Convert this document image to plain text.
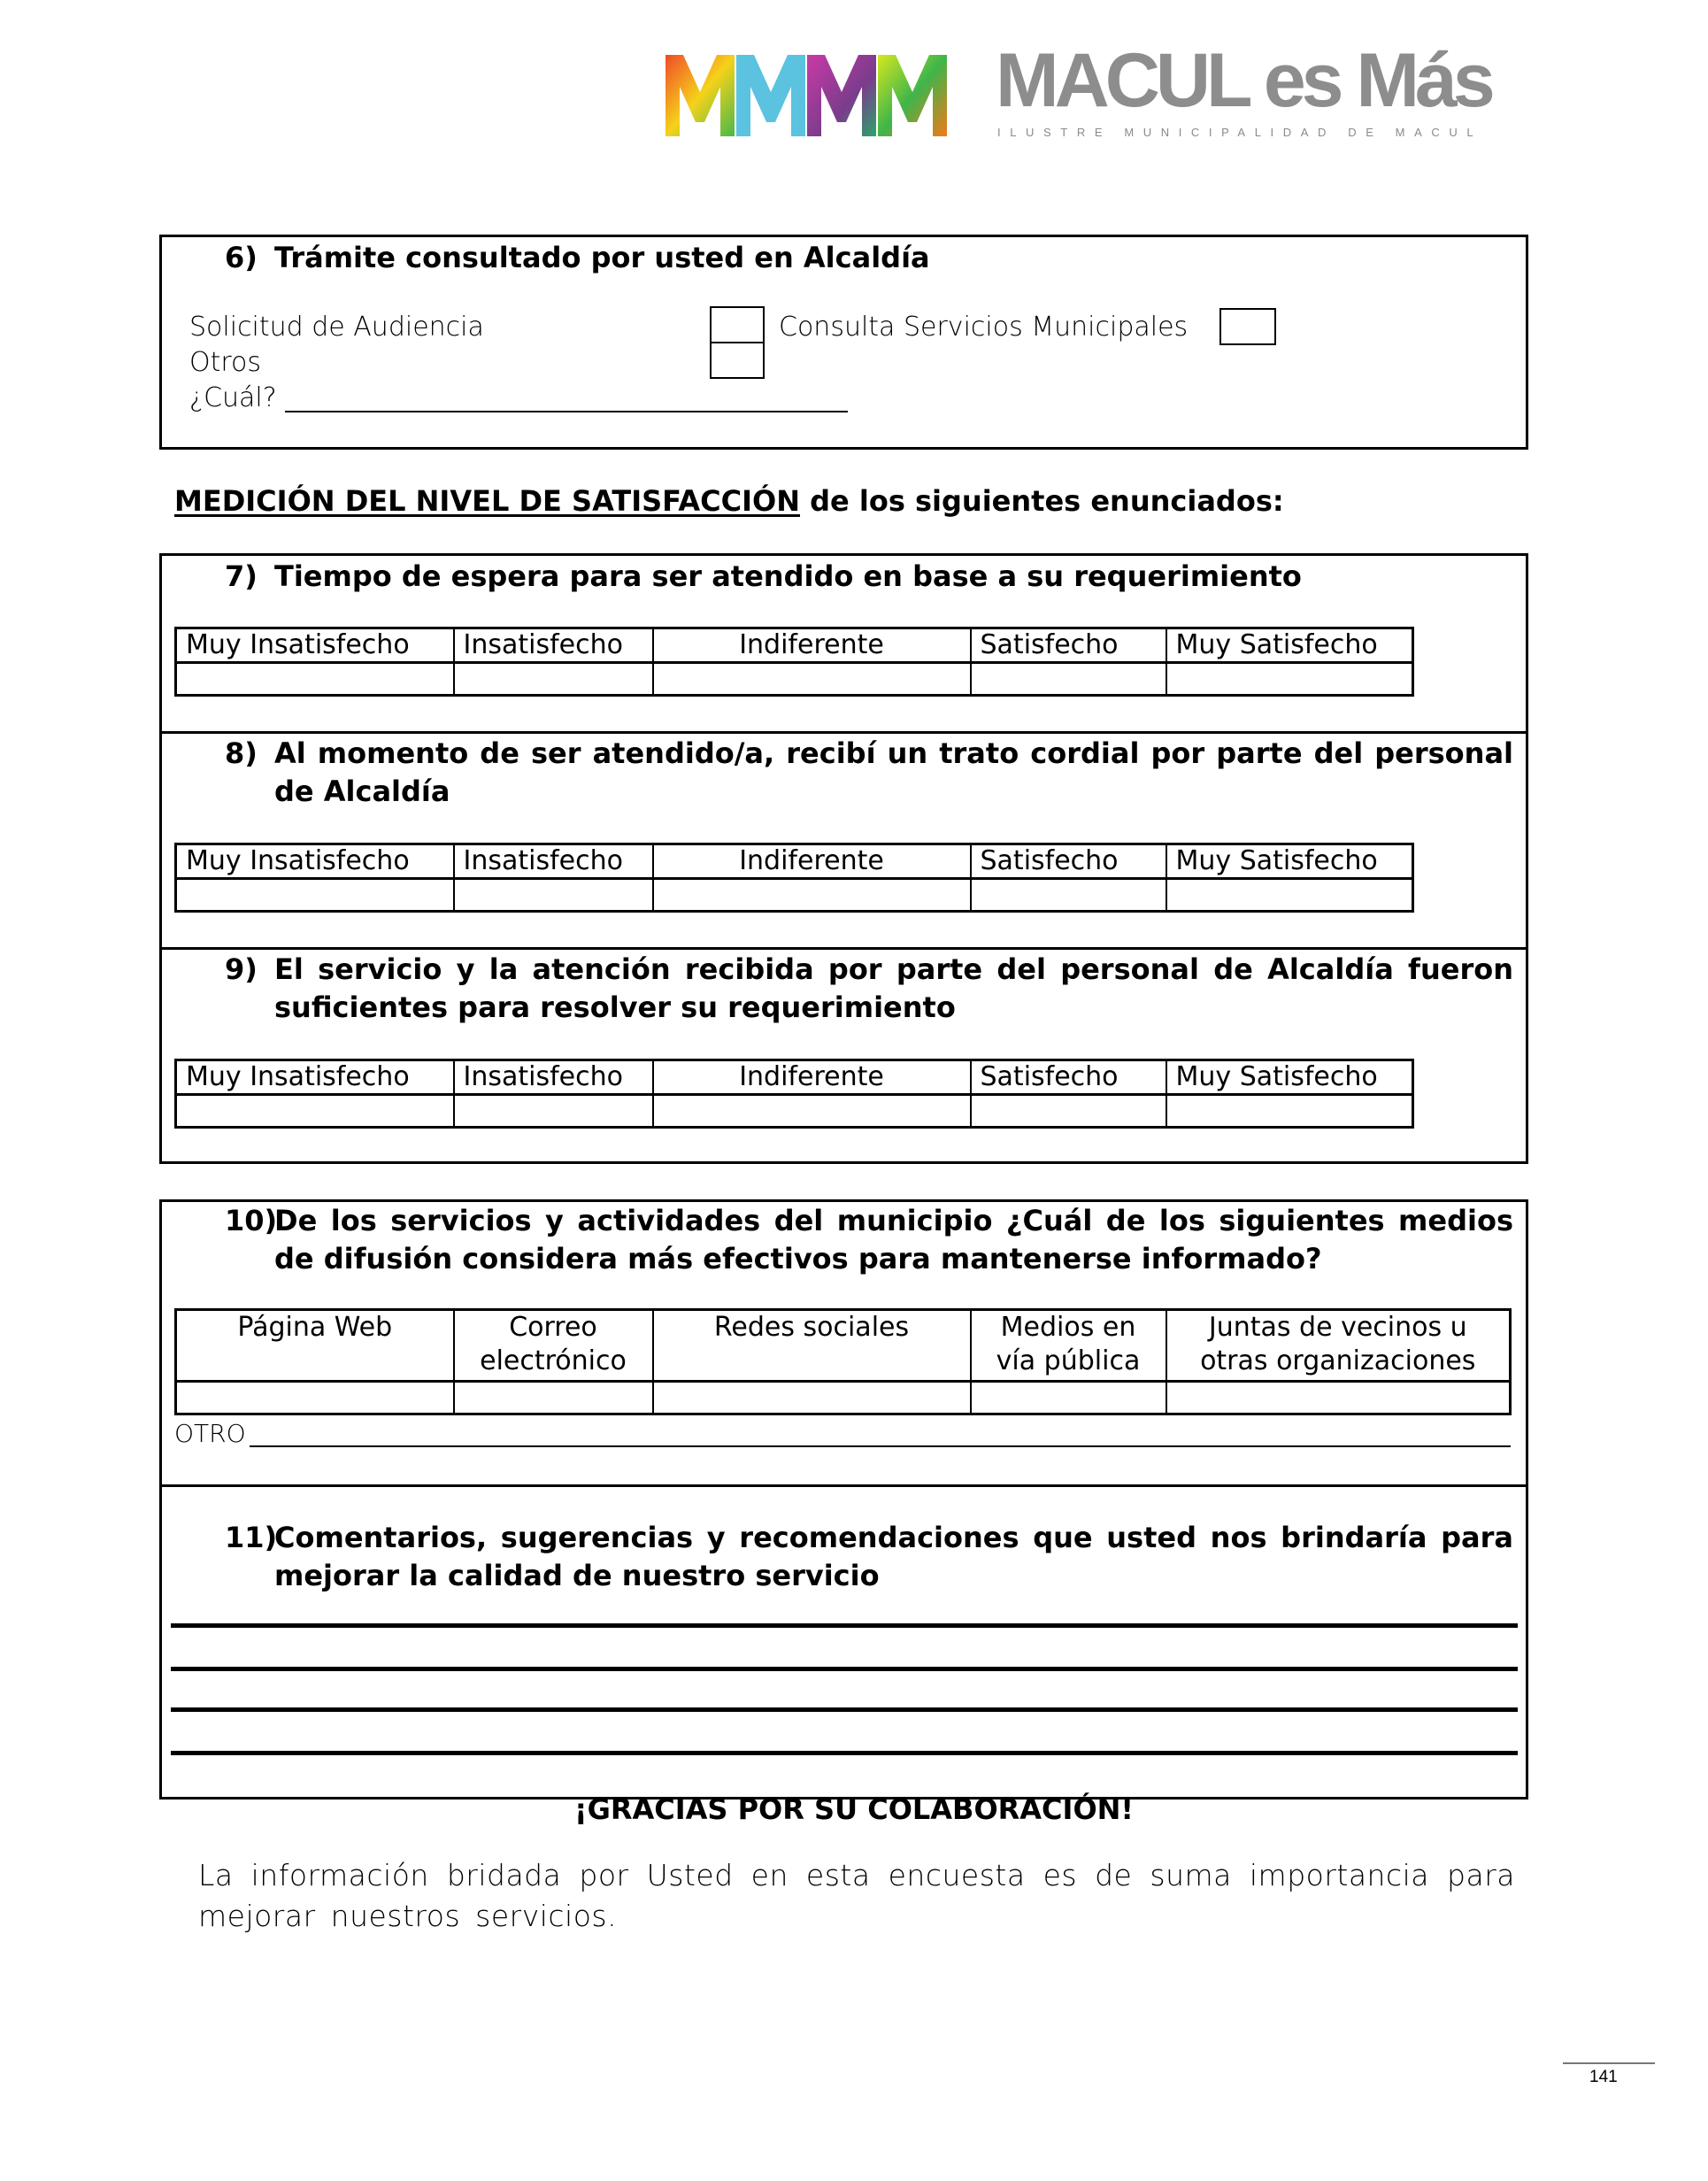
MACUL es Más
ILUSTRE MUNICIPALIDAD DE MACUL
6) Trámite consultado por usted en Alcaldía
Solicitud de Audiencia	Consulta Servicios Municipales
Otros
¿Cuál?
MEDICIÓN DEL NIVEL DE SATISFACCIÓN de los siguientes enunciados:
7) Tiempo de espera para ser atendido en base a su requerimiento
Muy Insatisfecho	Insatisfecho	Indiferente	Satisfecho	Muy Satisfecho

8) Al momento de ser atendido/a, recibí un trato cordial por parte del personal de Alcaldía
Muy Insatisfecho	Insatisfecho	Indiferente	Satisfecho	Muy Satisfecho

9) El servicio y la atención recibida por parte del personal de Alcaldía fueron suficientes para resolver su requerimiento
Muy Insatisfecho	Insatisfecho	Indiferente	Satisfecho	Muy Satisfecho

10)
De los servicios y actividades del municipio ¿Cuál de los siguientes medios de difusión considera más efectivos para mantenerse informado?
Página Web	Correo electrónico	Redes sociales	Medios en vía pública	Juntas de vecinos u otras organizaciones

OTRO
11)
Comentarios, sugerencias y recomendaciones que usted nos brindaría para mejorar la calidad de nuestro servicio
¡GRACIAS POR SU COLABORACIÓN!
La información bridada por Usted en esta encuesta es de suma importancia para mejorar nuestros servicios.
141
